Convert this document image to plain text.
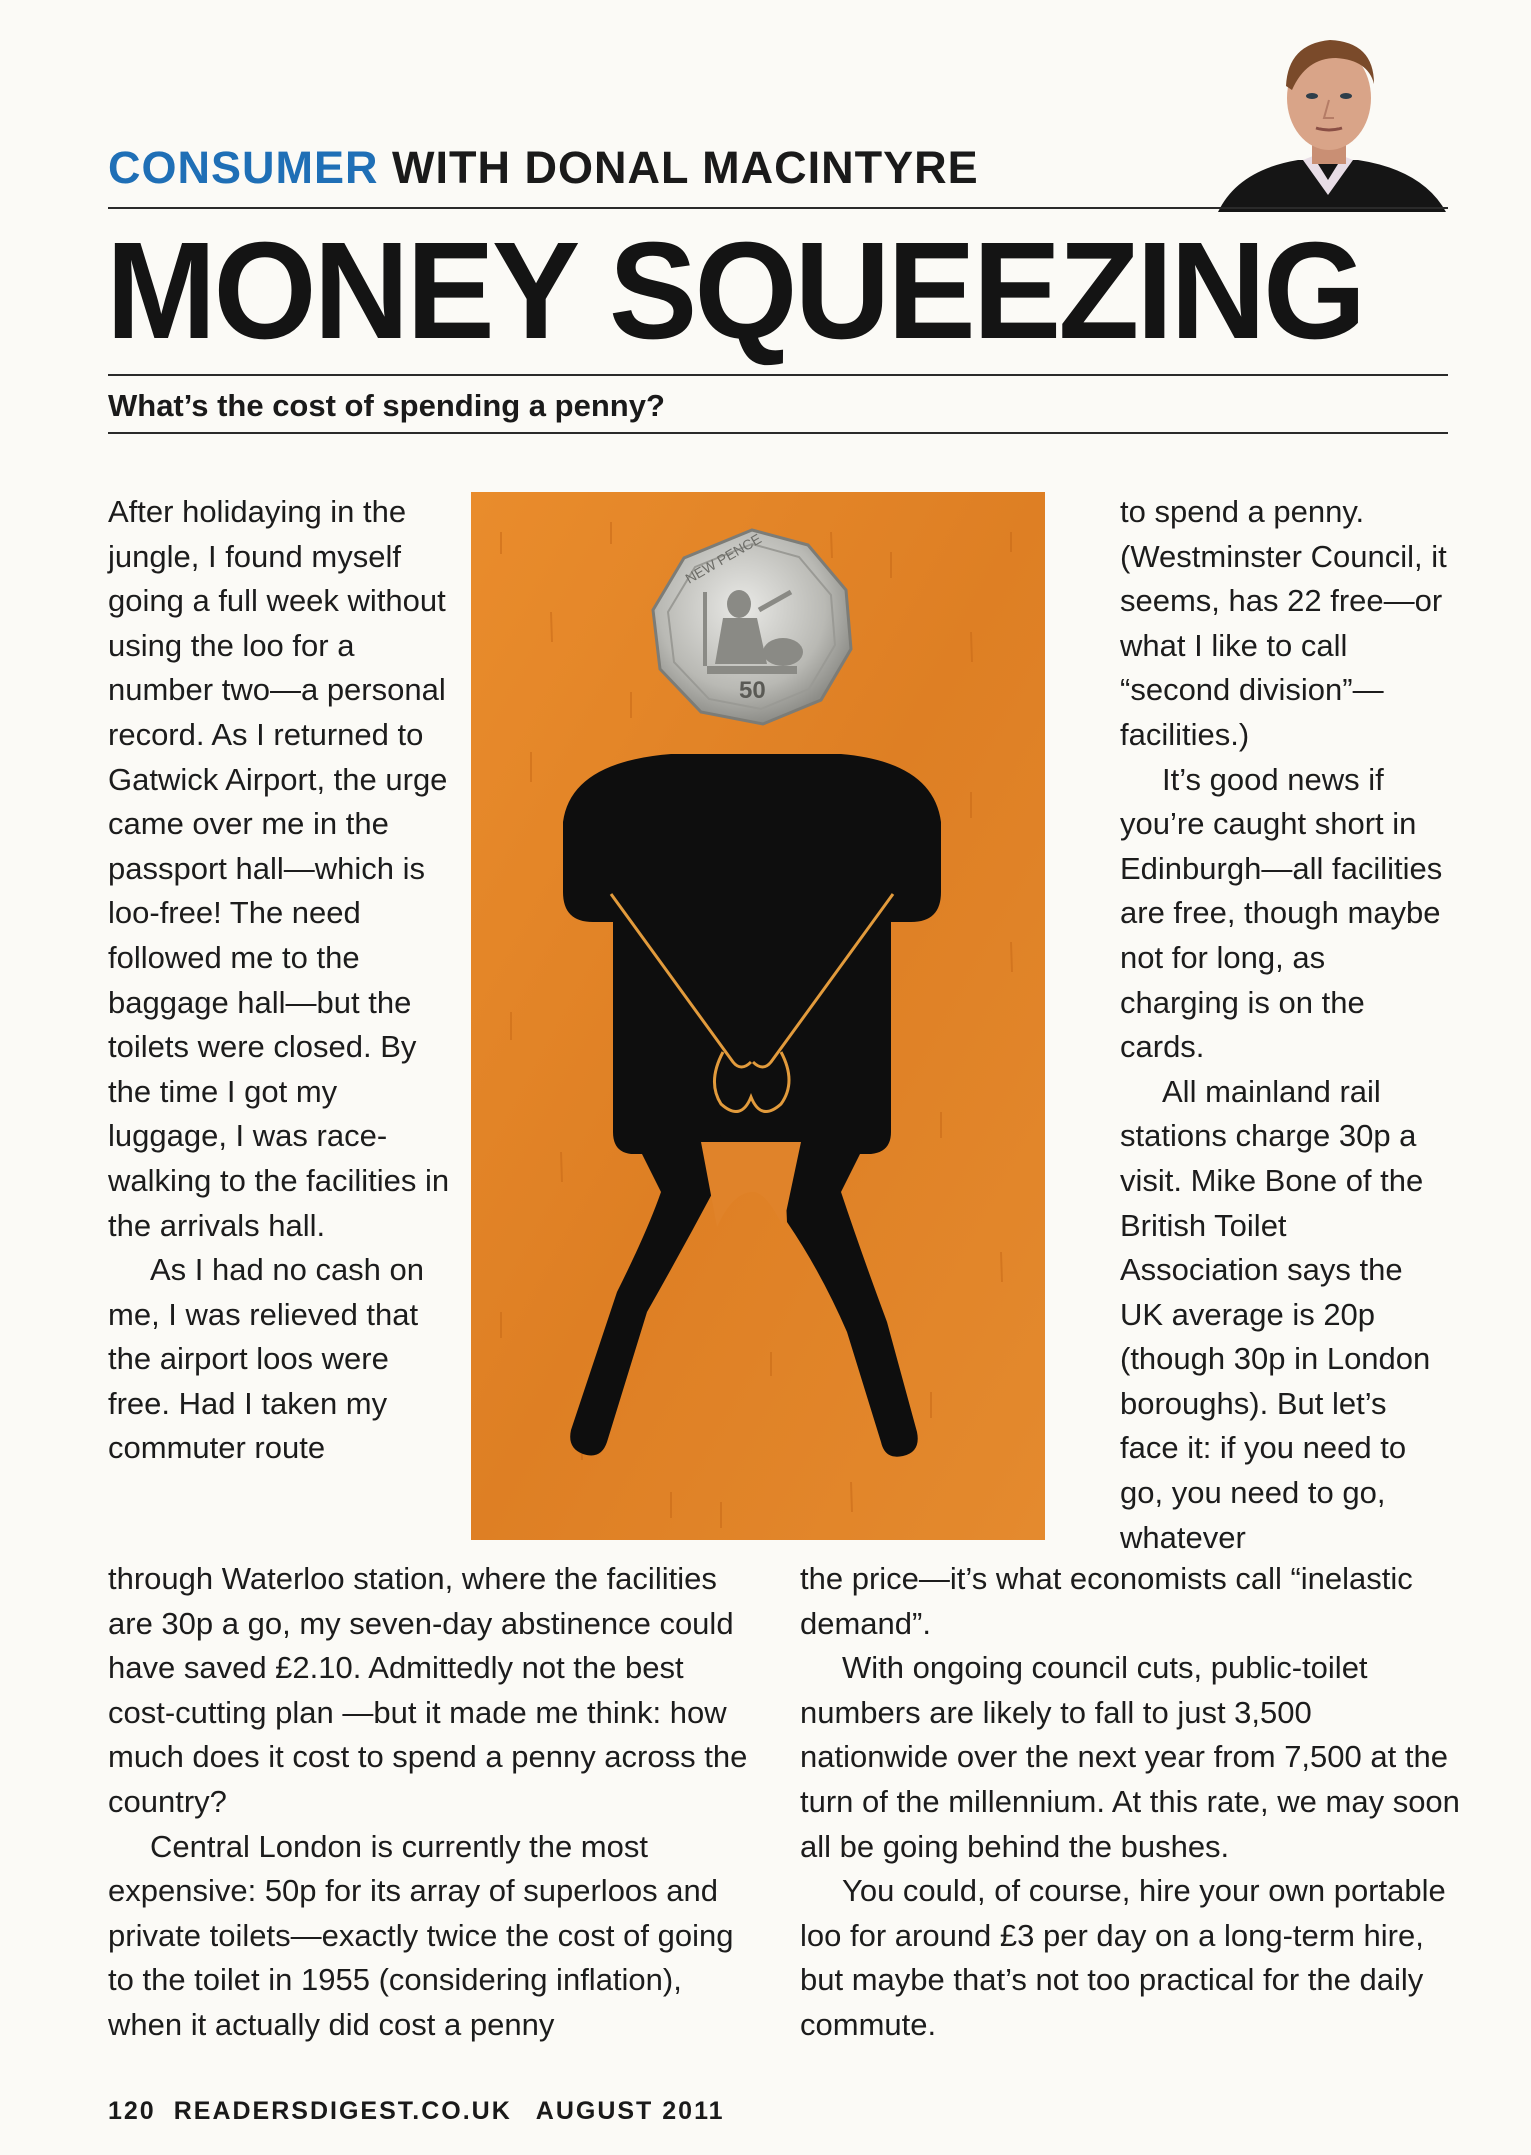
CONSUMER WITH DONAL MACINTYRE
MONEY SQUEEZING
What’s the cost of spending a penny?

After holidaying in the jungle, I found myself going a full week without using the loo for a number two—a personal record. As I returned to Gatwick Airport, the urge came over me in the passport hall—which is loo-free! The need followed me to the baggage hall—but the toilets were closed. By the time I got my luggage, I was race-walking to the facilities in the arrivals hall.

As I had no cash on me, I was relieved that the airport loos were free. Had I taken my commuter route

to spend a penny. (Westminster Council, it seems, has 22 free—or what I like to call “second division”—facilities.)

It’s good news if you’re caught short in Edinburgh—all facilities are free, though maybe not for long, as charging is on the cards.

All mainland rail stations charge 30p a visit. Mike Bone of the British Toilet Association says the UK average is 20p (though 30p in London boroughs). But let’s face it: if you need to go, you need to go, whatever

through Waterloo station, where the facilities are 30p a go, my seven-day abstinence could have saved £2.10. Admittedly not the best cost-cutting plan —but it made me think: how much does it cost to spend a penny across the country?

Central London is currently the most expensive: 50p for its array of superloos and private toilets—exactly twice the cost of going to the toilet in 1955 (considering inflation), when it actually did cost a penny

the price—it’s what economists call “inelastic demand”.

With ongoing council cuts, public-toilet numbers are likely to fall to just 3,500 nationwide over the next year from 7,500 at the turn of the millennium. At this rate, we may soon all be going behind the bushes.

You could, of course, hire your own portable loo for around £3 per day on a long-term hire, but maybe that’s not too practical for the daily commute.

NEW PENCE
50
120 READERSDIGEST.CO.UK AUGUST 2011
